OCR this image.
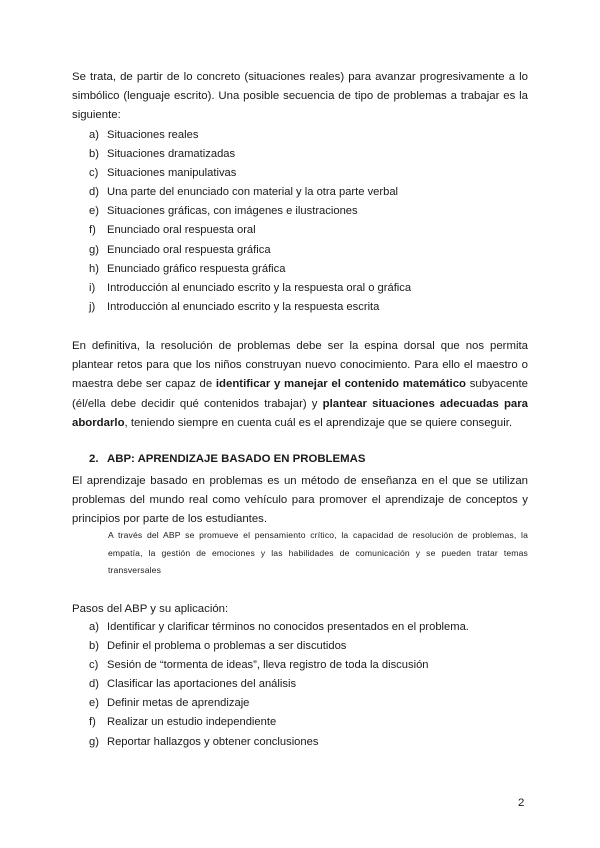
Se trata, de partir de lo concreto (situaciones reales) para avanzar progresivamente a lo simbólico (lenguaje escrito). Una posible secuencia de tipo de problemas a trabajar es la siguiente:

a) Situaciones reales
b) Situaciones dramatizadas
c) Situaciones manipulativas
d) Una parte del enunciado con material y la otra parte verbal
e) Situaciones gráficas, con imágenes e ilustraciones
f) Enunciado oral respuesta oral
g) Enunciado oral respuesta gráfica
h) Enunciado gráfico respuesta gráfica
i) Introducción al enunciado escrito y la respuesta oral o gráfica
j) Introducción al enunciado escrito y la respuesta escrita

En definitiva, la resolución de problemas debe ser la espina dorsal que nos permita plantear retos para que los niños construyan nuevo conocimiento. Para ello el maestro o maestra debe ser capaz de identificar y manejar el contenido matemático subyacente (él/ella debe decidir qué contenidos trabajar) y plantear situaciones adecuadas para abordarlo, teniendo siempre en cuenta cuál es el aprendizaje que se quiere conseguir.

2. ABP: APRENDIZAJE BASADO EN PROBLEMAS

El aprendizaje basado en problemas es un método de enseñanza en el que se utilizan problemas del mundo real como vehículo para promover el aprendizaje de conceptos y principios por parte de los estudiantes.

A través del ABP se promueve el pensamiento crítico, la capacidad de resolución de problemas, la empatía, la gestión de emociones y las habilidades de comunicación y se pueden tratar temas transversales

Pasos del ABP y su aplicación:

a) Identificar y clarificar términos no conocidos presentados en el problema.
b) Definir el problema o problemas a ser discutidos
c) Sesión de “tormenta de ideas”, lleva registro de toda la discusión
d) Clasificar las aportaciones del análisis
e) Definir metas de aprendizaje
f) Realizar un estudio independiente
g) Reportar hallazgos y obtener conclusiones
2
